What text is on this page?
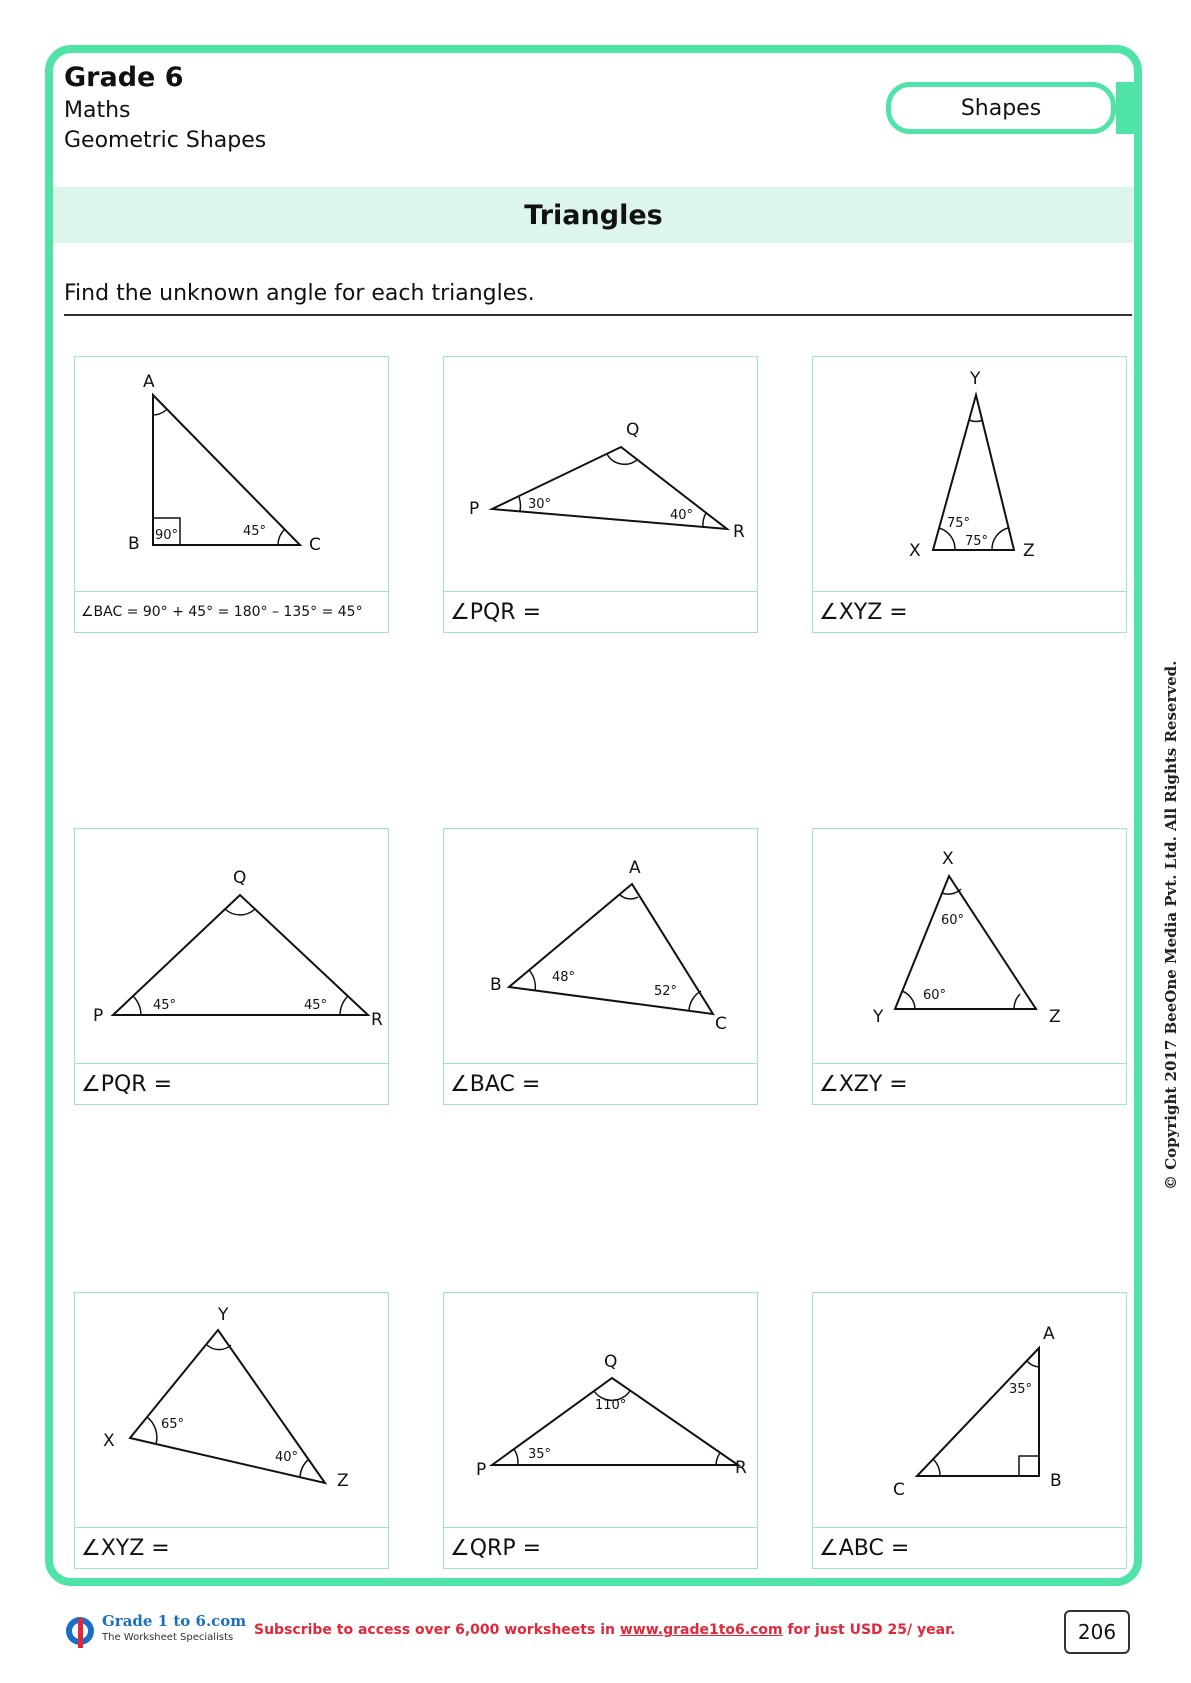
Grade 6
Maths
Geometric Shapes
Shapes
Triangles
Find the unknown angle for each triangles.
A
B	C
90°	45°
∠BAC = 90° + 45° = 180° – 135° = 45°
Q
P
R
30°
40°
∠PQR =
Y
X	Z
75°
75°
∠XYZ =
Q
P	R
45°	45°
∠PQR =
A
B
C
48°
52°
∠BAC =
X
Y	Z
60°
60°
∠XZY =
Y
X
Z
65°
40°
∠XYZ =
Q
P	R
110°
35°
∠QRP =
A
C	B
35°
∠ABC =
© Copyright 2017 BeeOne Media Pvt. Ltd. All Rights Reserved.
Grade 1 to 6.com
The Worksheet Specialists Subscribe to access over 6,000 worksheets in www.grade1to6.com for just USD 25/ year.	206
